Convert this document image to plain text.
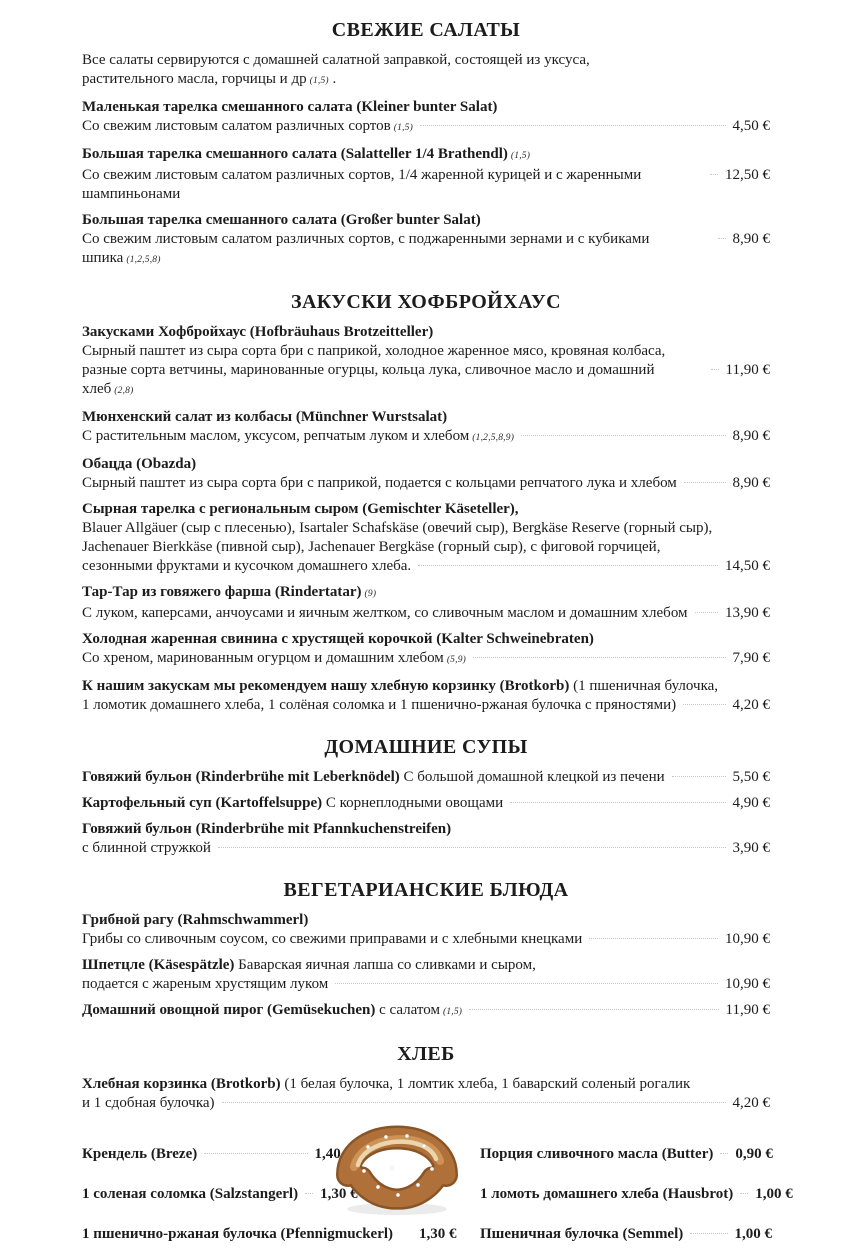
СВЕЖИЕ САЛАТЫ
Все салаты сервируются с домашней салатной заправкой, состоящей из уксуса,
растительного масла, горчицы и др (1,5) .
Маленькая тарелка смешанного салата (Kleiner bunter Salat)
Со свежим листовым салатом различных сортов (1,5)	4,50 €
Большая тарелка смешанного салата (Salatteller 1/4 Brathendl) (1,5)
Со свежим листовым салатом различных сортов, 1/4 жаренной курицей и с жаренными шампиньонами
12,50 €
Большая тарелка смешанного салата (Großer bunter Salat)
Со свежим листовым салатом различных сортов, с поджаренными зернами и с кубиками шпика (1,2,5,8)
8,90 €
ЗАКУСКИ ХОФБРОЙХАУС
Закусками Хофбройхаус (Hofbräuhaus Brotzeitteller)
Сырный паштет из сыра сорта бри с паприкой, холодное жаренное мясо, кровяная колбаса,
разные сорта ветчины, маринованные огурцы, кольца лука, сливочное масло и домашний хлеб (2,8)
11,90 €
Мюнхенский салат из колбасы (Münchner Wurstsalat)
С растительным маслом, уксусом, репчатым луком и хлебом (1,2,5,8,9)	8,90 €
Обацда (Obazda)
Сырный паштет из сыра сорта бри с паприкой, подается с кольцами репчатого лука и хлебом	8,90 €
Сырная тарелка с региональным сыром (Gemischter Käseteller),
Blauer Allgäuer (сыр с плесенью), Isartaler Schafskäse (овечий сыр), Bergkäse Reserve (горный сыр),
Jachenauer Bierkkäse (пивной сыр), Jachenauer Bergkäse (горный сыр), с фиговой горчицей,
сезонными фруктами и кусочком домашнего хлеба.	14,50 €
Тар-Тар из говяжего фарша (Rindertatar) (9)
С луком, каперсами, анчоусами и яичным желтком, со сливочным маслом и домашним хлебом 13,90 €
Холодная жаренная свинина с хрустящей корочкой (Kalter Schweinebraten)
Со хреном, маринованным огурцом и домашним хлебом (5,9)	7,90 €
К нашим закускам мы рекомендуем нашу хлебную корзинку (Brotkorb) (1 пшеничная булочка,
1 ломотик домашнего хлеба, 1 солёная соломка и 1 пшенично-ржаная булочка с пряностями)	4,20 €
ДОМАШНИЕ СУПЫ
Говяжий бульон (Rinderbrühe mit Leberknödel) С большой домашной клецкой из печени	5,50 €
Картофельный суп (Kartoffelsuppe) С корнеплодными овощами	4,90 €
Говяжий бульон (Rinderbrühe mit Pfannkuchenstreifen)
с блинной стружкой	3,90 €
ВЕГЕТАРИАНСКИЕ БЛЮДА
Грибной рагу (Rahmschwammerl)
Грибы со сливочным соусом, со свежими приправами и с хлебными кнецками	10,90 €
Шпетцле (Käsespätzle) Баварская яичная лапша со сливками и сыром,
подается с жареным хрустящим луком	10,90 €
Домашний овощной пирог (Gemüsekuchen) с салатом (1,5)	11,90 €
ХЛЕБ
Хлебная корзинка (Brotkorb) (1 белая булочка, 1 ломтик хлеба, 1 баварский соленый рогалик
и 1 сдобная булочка)	4,20 €
Крендель (Breze)	1,40 €
1 соленая соломка (Salzstangerl) 1,30 €
1 пшенично-ржаная булочка (Pfennigmuckerl) 1,30 €
Порция сливочного масла (Butter) 0,90 €
1 ломоть домашнего хлеба (Hausbrot) 1,00 €
Пшеничная булочка (Semmel)	1,00 €
